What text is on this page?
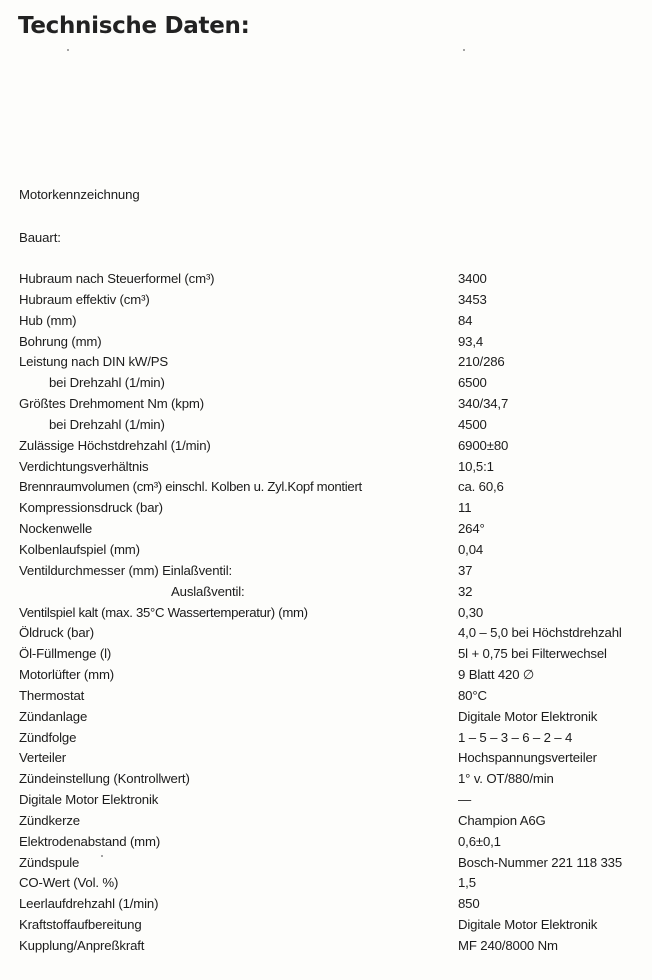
Technische Daten:
Motorkennzeichnung
Bauart:
Hubraum nach Steuerformel (cm³)	3400
Hubraum effektiv (cm³)	3453
Hub (mm)	84
Bohrung (mm)	93,4
Leistung nach DIN kW/PS	210/286
bei Drehzahl (1/min)	6500
Größtes Drehmoment Nm (kpm)	340/34,7
bei Drehzahl (1/min)	4500
Zulässige Höchstdrehzahl (1/min)	6900±80
Verdichtungsverhältnis	10,5:1
Brennraumvolumen (cm³) einschl. Kolben u. Zyl.Kopf montiert	ca. 60,6
Kompressionsdruck (bar)	11
Nockenwelle	264°
Kolbenlaufspiel (mm)	0,04
Ventildurchmesser (mm) Einlaßventil:	37
Auslaßventil:	32
Ventilspiel kalt (max. 35°C Wassertemperatur) (mm)	0,30
Öldruck (bar)	4,0 – 5,0 bei Höchstdrehzahl
Öl-Füllmenge (l)	5l + 0,75 bei Filterwechsel
Motorlüfter (mm)	9 Blatt 420 ∅
Thermostat	80°C
Zündanlage	Digitale Motor Elektronik
Zündfolge	1 – 5 – 3 – 6 – 2 – 4
Verteiler	Hochspannungsverteiler
Zündeinstellung (Kontrollwert)	1° v. OT/880/min
Digitale Motor Elektronik	—
Zündkerze	Champion A6G
Elektrodenabstand (mm)	0,6±0,1
Zündspule	Bosch-Nummer 221 118 335
CO-Wert (Vol. %)	1,5
Leerlaufdrehzahl (1/min)	850
Kraftstoffaufbereitung	Digitale Motor Elektronik
Kupplung/Anpreßkraft	MF 240/8000 Nm
